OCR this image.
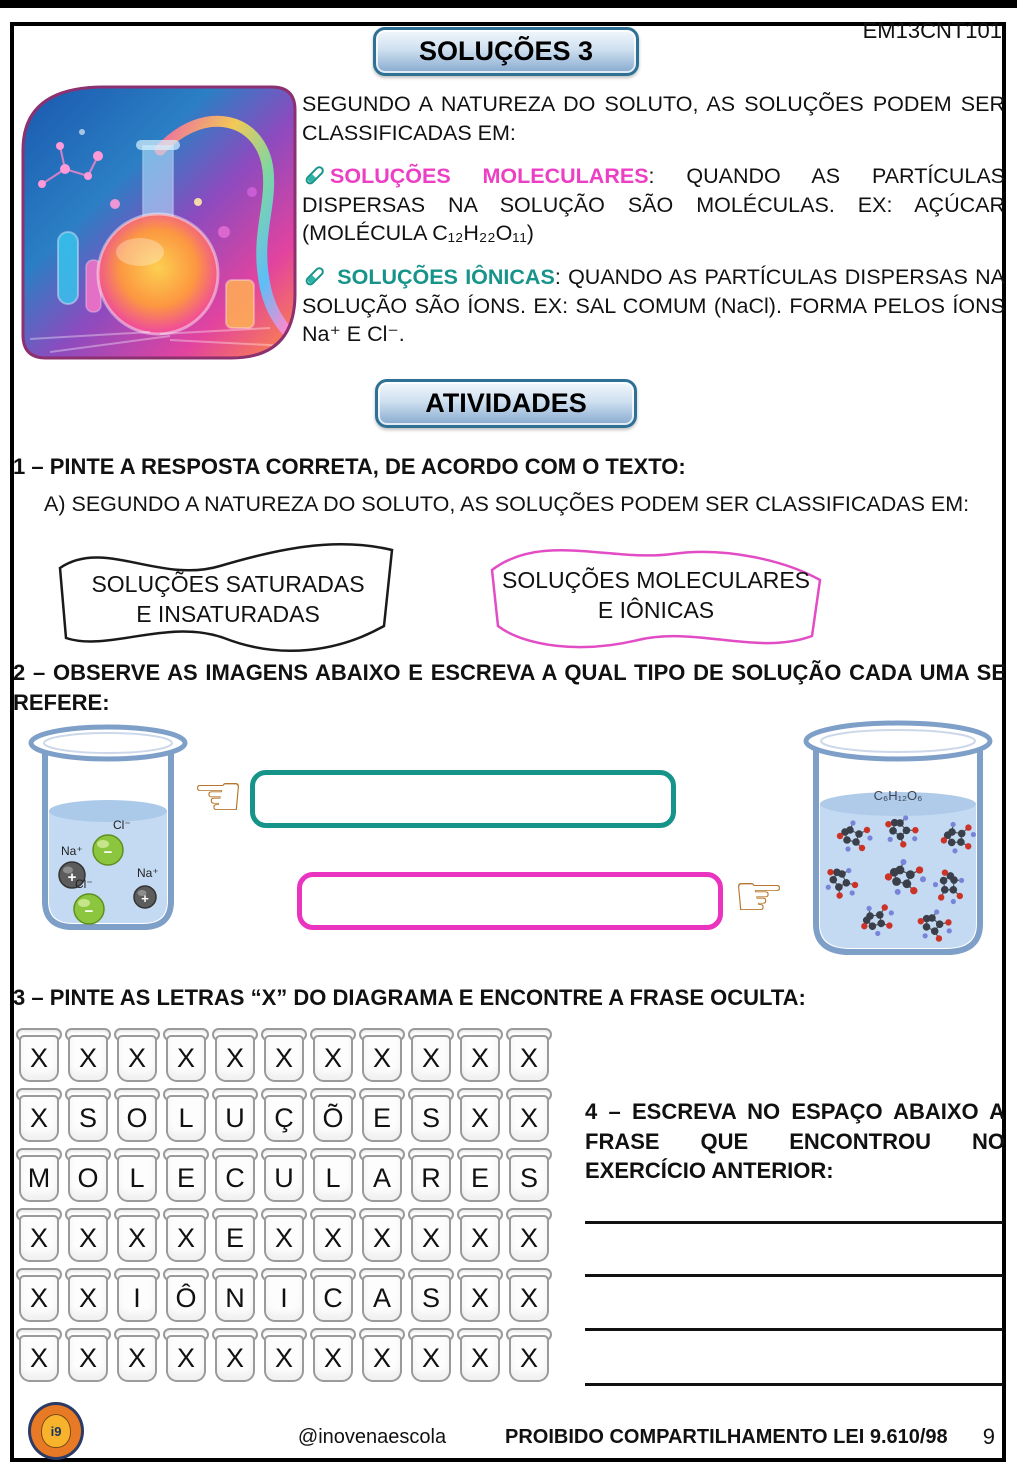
SOLUÇÕES 3
EM13CNT101

SEGUNDO A NATUREZA DO SOLUTO, AS SOLUÇÕES PODEM SER CLASSIFICADAS EM:

SOLUÇÕES MOLECULARES: QUANDO AS PARTÍCULAS DISPERSAS NA SOLUÇÃO SÃO MOLÉCULAS. EX: AÇÚCAR (MOLÉCULA C₁₂H₂₂O₁₁)

SOLUÇÕES IÔNICAS: QUANDO AS PARTÍCULAS DISPERSAS NA SOLUÇÃO SÃO ÍONS. EX: SAL COMUM (NaCl). FORMA PELOS ÍONS Na⁺ E Cl⁻.

ATIVIDADES
1 – PINTE A RESPOSTA CORRETA, DE ACORDO COM O TEXTO:
A) SEGUNDO A NATUREZA DO SOLUTO, AS SOLUÇÕES PODEM SER CLASSIFICADAS EM:
SOLUÇÕES SATURADAS
E INSATURADAS
SOLUÇÕES MOLECULARES
E IÔNICAS
2 – OBSERVE AS IMAGENS ABAIXO E ESCREVA A QUAL TIPO DE SOLUÇÃO CADA UMA SE REFERE:
Cl⁻
−
Na⁺
+
Cl⁻
−
Na⁺
+
☜
☞
C₆H₁₂O₆
3 – PINTE AS LETRAS “X” DO DIAGRAMA E ENCONTRE A FRASE OCULTA:
X	X	X	X	X	X	X	X	X	X	X
X	S	O	L	U	Ç	Õ	E	S	X	X
M	O	L	E	C	U	L	A	R	E	S
X	X	X	X	E	X	X	X	X	X	X
X	X	I	Ô	N	I	C	A	S	X	X
X	X	X	X	X	X	X	X	X	X	X
4 – ESCREVA NO ESPAÇO ABAIXO A FRASE QUE ENCONTROU NO EXERCÍCIO ANTERIOR:
i9	@inovenaescola	PROIBIDO COMPARTILHAMENTO LEI 9.610/98	9
